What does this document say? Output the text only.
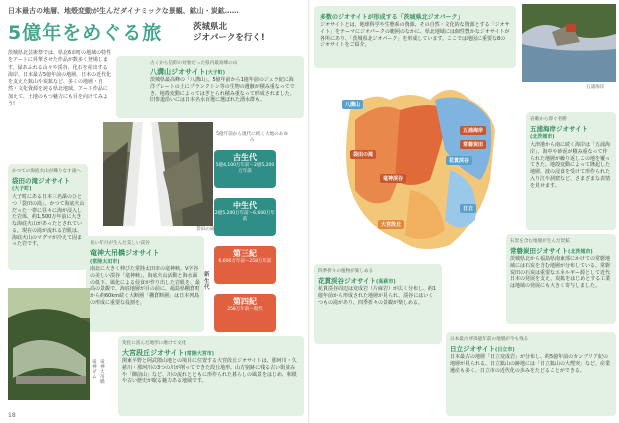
日本最古の地層、地殻変動が生んだダイナミックな景観、鉱山・炭鉱……
5億年をめぐる旅	茨城県北
ジオパークを行く!
茨城県北芸術祭では、県北6市町の地域の特性をアートに昇華させた作品が数多く登場します。緑あふれる山々や渓谷、化石を産出する海岸、日本最古5億年前の地層、日本の近代化を支えた鉱山や炭鉱など、多くの地層・自然・文化資源を誇る県北地域。アート作品に加えて、土地のもつ魅力にも目を向けてみよう!
古くから信仰の対象だった県内最高峰の山
八溝山ジオサイト(大子町)
茨城県最高峰の「八溝山」。5億年前から1億年前のジュラ紀に海洋プレートの上にプランクトン等の生物の遺骸が積み重なってでき、地殻変動によってはぎとられ積み重なって形成されました。旧参道沿いには日本名水百選に選ばれた湧水群も。
袋田の滝
かつての海底火山が織りなす滝へ
袋田の滝ジオサイト
(大子町)
大子町にある日本三名瀑のひとつ「袋田の滝」。かつて海底火山だった一帯に昼々に海が浸入した岩体、約1,500万年前に大きな海底火山があったとされている。現在の滝が流れる岩肌は、海底火山のマグマが冷えて固まった岩です。
5億年前から現代に続く大地のあゆみ
古生代
5億4,100万年前～2億5,200万年前
中生代
2億5,200万年前～6,600万年前
第三紀
6,600万年前～258万年前
第四紀
258万年前～現代
新生代
長い年月が生んだ美しい渓谷
竜神大吊橋ジオサイト
(常陸太田市)
南北に大きく伸びた常陸太田市の竜神峡。V字谷の美しい渓谷「竜神峡」。海底火山活動と海水面の低下、風化による侵食が作り出した岩肌を、最高の景観で。海底地層が目の前に。福島県棚倉町から約60km続く大断層「棚倉断層」は日本列島の形成に重要な役割を。
竜神ダム
竜神大吊橋
変化に富んだ地形に磨けて文化
大宮段丘ジオサイト(常陸大宮市)
関東平野と阿武隈山地との境目に位置する大宮段丘ジオサイトは、那珂川・久慈川・那珂川の3つの川が削ってできた段丘地形。山方宿跡に残る古い街並みや「御前山」など、川の流れとともに形作られた暮らしの風景をはじめ、和紙や古い歴史が眠る魅力ある地域です。
18
多数のジオサイトが形成する「茨城県北ジオパーク」
ジオサイトとは、地球科学や生態系の資源、その自然・文化的な資源とする「ジオサイト」をテーマにジオパークの範囲のなかに、県北地域には個性豊かなジオサイトが各所にあり、「茨城県北ジオパーク」を形成しています。ここでは地図に重要な8のジオサイトをご紹介。
五浦海岸
八溝山
袋田の滝
竜神渓谷
大宮段丘
五浦海岸
常磐炭田
花貫渓谷
日立
岩礁から仰ぐ名勝
五浦海岸ジオサイト
(北茨城市)
大津港から南に続く海岸は「五浦海岸」。海中や砂泥が積み重なって作られた地層が繰り返しこの地を覆ってきた。地殻変動によって隆起した地層、波の浸食を受けて形作られた入り江や洞窟など、さまざまな表情を見せます。
石炭を含む地層が生んだ炭鉱
常磐炭田ジオサイト(北茨城市)
茨城県北から福島県南東部にかけての常磐地域には石炭を含む地層が分布している。常磐炭田の石炭は重要なエネルギー源として近代日本の発展を支え、炭鉱をはじめとする工業は地域の発展にも大きく寄与しました。
四季折々の植物が楽しめる
花貫渓谷ジオサイト(高萩市)
花貫渓谷周辺は変成岩（片麻岩）が広く分布し、約1億年前から形成された地層が見られ、渓谷にはいくつもの滝があり、四季折々の景観が楽しめる。
日本最古!約5億年前の地層が今も残る
日立ジオサイト(日立市)
日本最古の地層「日立変成岩」が分布し、約5億年前のカンブリア紀の地層が見られる。日立鉱山の跡地には「日立鉱山の大煙突」など、産業遺産も多く、日立市の近代化の歩みをたどることができる。
